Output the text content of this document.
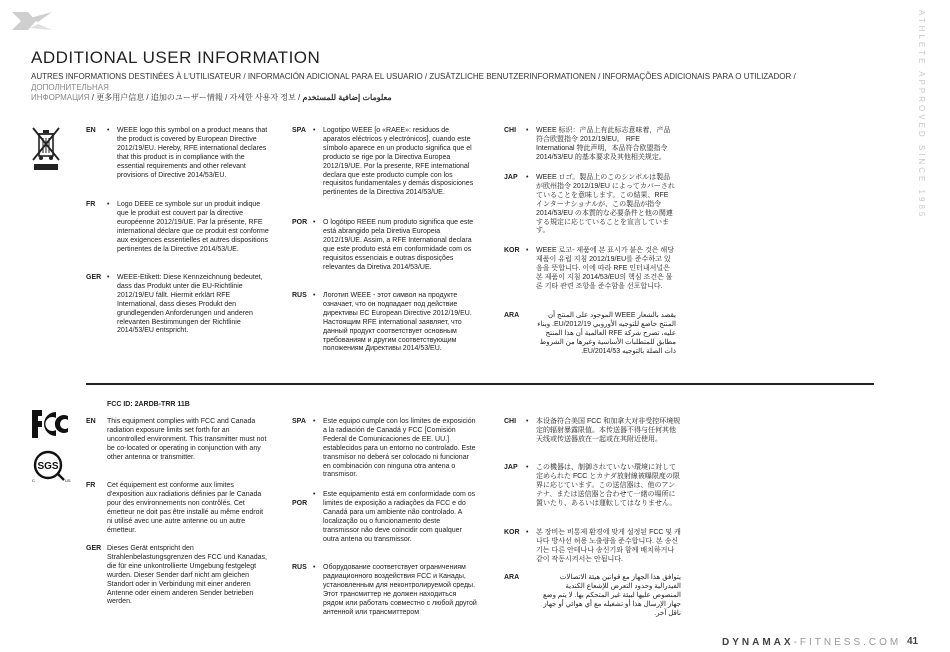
ATHLETE APPROVED SINCE 1985
ADDITIONAL USER INFORMATION
AUTRES INFORMATIONS DESTINÉES À L'UTILISATEUR / INFORMACIÓN ADICIONAL PARA EL USUARIO / ZUSÄTZLICHE BENUTZERINFORMATIONEN / INFORMAÇÕES ADICIONAIS PARA O UTILIZADOR / ДОПОЛНИТЕЛЬНАЯ
ИНФОРМАЦИЯ / 更多用户信息 / 追加のユーザー情報 / 자세한 사용자 정보 / معلومات إضافية للمستخدم
EN • WEEE logo this symbol on a product means that the product is covered by European Directive 2012/19/EU. Hereby, RFE international declares that this product is in compliance with the essential requirements and other relevant provisions of Directive 2014/53/EU.
FR • Logo DEEE ce symbole sur un produit indique que le produit est couvert par la directive européenne 2012/19/UE. Par la présente, RFE international déclare que ce produit est conforme aux exigences essentielles et autres dispositions pertinentes de la Directive 2014/53/UE.
GER • WEEE-Etikett: Diese Kennzeichnung bedeutet, dass das Produkt unter die EU-Richtlinie 2012/19/EU fällt. Hiermit erklärt RFE International, dass dieses Produkt den grundlegenden Anforderungen und anderen relevanten Bestimmungen der Richtlinie 2014/53/EU entspricht.
SPA • Logotipo WEEE [o «RAEE»: residuos de aparatos eléctricos y electrónicos], cuando este símbolo aparece en un producto significa que el producto se rige por la Directiva Europea 2012/19/UE. Por la presente, RFE international declara que este producto cumple con los requisitos fundamentales y demás disposiciones pertinentes de la Directiva 2014/53/UE.
POR • O logótipo REEE num produto significa que este está abrangido pela Diretiva Europeia 2012/19/UE. Assim, a RFE International declara que este produto está em conformidade com os requisitos essenciais e outras disposições relevantes da Diretiva 2014/53/UE.
RUS • Логотип WEEE - этот символ на продукте означает, что он подпадает под действие директивы ЕС European Directive 2012/19/EU. Настоящим RFE international заявляет, что данный продукт соответствует основным требованиям и другим соответствующим положениям Директивы 2014/53/EU.
CHI • WEEE 标识：产品上有此标志意味着，产品符合欧盟指令 2012/19/EU。 RFE International 特此声明，本品符合欧盟指令 2014/53/EU 的基本要求及其他相关规定。
JAP • WEEE ロゴ。製品上のこのシンボルは製品が欧州指令 2012/19/EU によってカバーされていることを意味します。この結果、RFE インターナショナルが、この製品が指令 2014/53/EU の本質的な必要条件と他の関連する規定に応じていることを宣言しています。
KOR • WEEE 로고- 제품에 본 표시가 붙은 것은 해당 제품이 유럽 지침 2012/19/EU를 준수하고 있음을 뜻합니다. 이에 따라 RFE 인터내셔널은 본 제품이 지침 2014/53/EU의 핵심 조건은 물론 기타 관련 조항을 준수함을 선포합니다.
ARA	يقصد بالشعار WEEE الموجود على المنتج أن المنتج خاضع للتوجيه الأوروبي EU/2012/19. وبناء عليه، تصرح شركة RFE العالمية أن هذا المنتج مطابق للمتطلبات الأساسية وغيرها من الشروط ذات الصلة بالتوجيه EU/2014/53.
SGS
C	US
FCC ID: 2ARDB-TRR 11B
EN This equipment complies with FCC and Canada radiation exposure limits set forth for an uncontrolled environment. This transmitter must not be co-located or operating in conjunction with any other antenna or transmitter.
FR Cet équipement est conforme aux limites d'exposition aux radiations définies par le Canada pour des environnements non contrôlés. Cet émetteur ne doit pas être installé au même endroit ni utilisé avec une autre antenne ou un autre émetteur.
GER Dieses Gerät entspricht den Strahlenbelastungsgrenzen des FCC und Kanadas, die für eine unkontrollierte Umgebung festgelegt wurden. Dieser Sender darf nicht am gleichen Standort oder in Verbindung mit einer anderen Antenne oder einem anderen Sender betrieben werden.
SPA • Este equipo cumple con los límites de exposición a la radiación de Canadá y FCC [Comisión Federal de Comunicaciones de EE. UU.] establecidos para un entorno no controlado. Este transmisor no deberá ser colocado ni funcionar en combinación con ninguna otra antena o transmisor.
POR
• Este equipamento está em conformidade com os limites de exposição a radiações da FCC e do Canadá para um ambiente não controlado. A localização ou o funcionamento deste transmissor não deve coincidir com qualquer outra antena ou transmissor.
RUS • Оборудование соответствует ограничениям радиационного воздействия FCC и Канады, установленным для неконтролируемой среды. Этот трансмиттер не должен находиться рядом или работать совместно с любой другой антенной или трансмиттером
CHI • 本设备符合美国 FCC 和加拿大对非受控环境规定的辐射暴露限值。本传送器不得与任何其他天线或传送器放在一起或在其附近使用。
JAP • この機器は、制御されていない環境に対して定められた FCC とカナダ放射線被曝限度の限界に応じています。この送信器は、他のアンテナ、または送信器と合わせて一緒の場所に置いたり、あるいは運転してはなりません。
KOR • 본 장비는 비통제 환경에 맞게 설정된 FCC 및 캐나다 방사선 허용 노출량을 준수합니다. 본 송신기는 다른 안테나나 송신기와 함께 배치하거나 같이 작동시켜서는 안됩니다.
ARA	يتوافق هذا الجهاز مع قوانين هيئة الاتصالات الفيدرالية وحدود التعرض للإشعاع الكندية المنصوص عليها لبيئة غير المتحكم بها. لا يتم وضع جهاز الإرسال هذا أو تشغيله مع أي هوائي أو جهاز ناقل آخر.
DYNAMAX-FITNESS.COM 41
